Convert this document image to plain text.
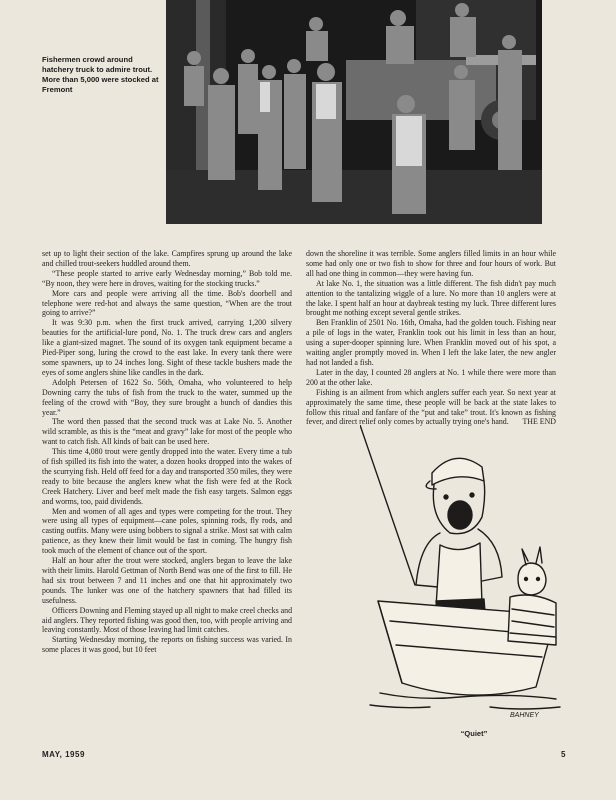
Fishermen crowd around hatchery truck to admire trout. More than 5,000 were stocked at Fremont

set up to light their section of the lake. Campfires sprung up around the lake and chilled trout-seekers huddled around them.

“These people started to arrive early Wednesday morning,” Bob told me. “By noon, they were here in droves, waiting for the stocking trucks.”

More cars and people were arriving all the time. Bob's doorbell and telephone were red-hot and always the same question, “When are the trout going to arrive?”

It was 9:30 p.m. when the first truck arrived, carrying 1,200 silvery beauties for the artificial-lure pond, No. 1. The truck drew cars and anglers like a giant-sized magnet. The sound of its oxygen tank equipment became a Pied-Piper song, luring the crowd to the east lake. In every tank there were some spawners, up to 24 inches long. Sight of these tackle bushers made the eyes of some anglers shine like candles in the dark.

Adolph Petersen of 1622 So. 56th, Omaha, who volunteered to help Downing carry the tubs of fish from the truck to the water, summed up the feeling of the crowd with “Boy, they sure brought a bunch of dandies this year.”

The word then passed that the second truck was at Lake No. 5. Another wild scramble, as this is the “meat and gravy” lake for most of the people who want to catch fish. All kinds of bait can be used here.

This time 4,080 trout were gently dropped into the water. Every time a tub of fish spilled its fish into the water, a dozen hooks dropped into the wakes of the scurrying fish. Held off feed for a day and transported 350 miles, they were ready to bite because the anglers knew what the fish were fed at the Rock Creek Hatchery. Liver and beef melt made the fish easy targets. Salmon eggs and worms, too, paid dividends.

Men and women of all ages and types were competing for the trout. They were using all types of equipment—cane poles, spinning rods, fly rods, and casting outfits. Many were using bobbers to signal a strike. Most sat with calm patience, as they knew their limit would be fast in coming. The hungry fish took much of the element of chance out of the sport.

Half an hour after the trout were stocked, anglers began to leave the lake with their limits. Harold Gettman of North Bend was one of the first to fill. He had six trout between 7 and 11 inches and one that hit approximately two pounds. The lunker was one of the hatchery spawners that had filled its usefulness.

Officers Downing and Fleming stayed up all night to make creel checks and aid anglers. They reported fishing was good then, too, with people arriving and leaving constantly. Most of those leaving had limit catches.

Starting Wednesday morning, the reports on fishing success was varied. In some places it was good, but 10 feet

down the shoreline it was terrible. Some anglers filled limits in an hour while some had only one or two fish to show for three and four hours of work. But all had one thing in common—they were having fun.

At lake No. 1, the situation was a little different. The fish didn't pay much attention to the tantalizing wiggle of a lure. No more than 10 anglers were at the lake. I spent half an hour at daybreak testing my luck. Three different lures brought me nothing except several gentle strikes.

Ben Franklin of 2501 No. 16th, Omaha, had the golden touch. Fishing near a pile of logs in the water, Franklin took out his limit in less than an hour, using a super-dooper spinning lure. When Franklin moved out of his spot, a waiting angler promptly moved in. When I left the lake later, the new angler had not landed a fish.

Later in the day, I counted 28 anglers at No. 1 while there were more than 200 at the other lake.

Fishing is an ailment from which anglers suffer each year. So next year at approximately the same time, these people will be back at the state lakes to follow this ritual and fanfare of the “put and take” trout. It's known as fishing fever, and direct relief only comes by actually trying one's hand.	THE END

BAHNEY
“Quiet”
MAY, 1959	5
